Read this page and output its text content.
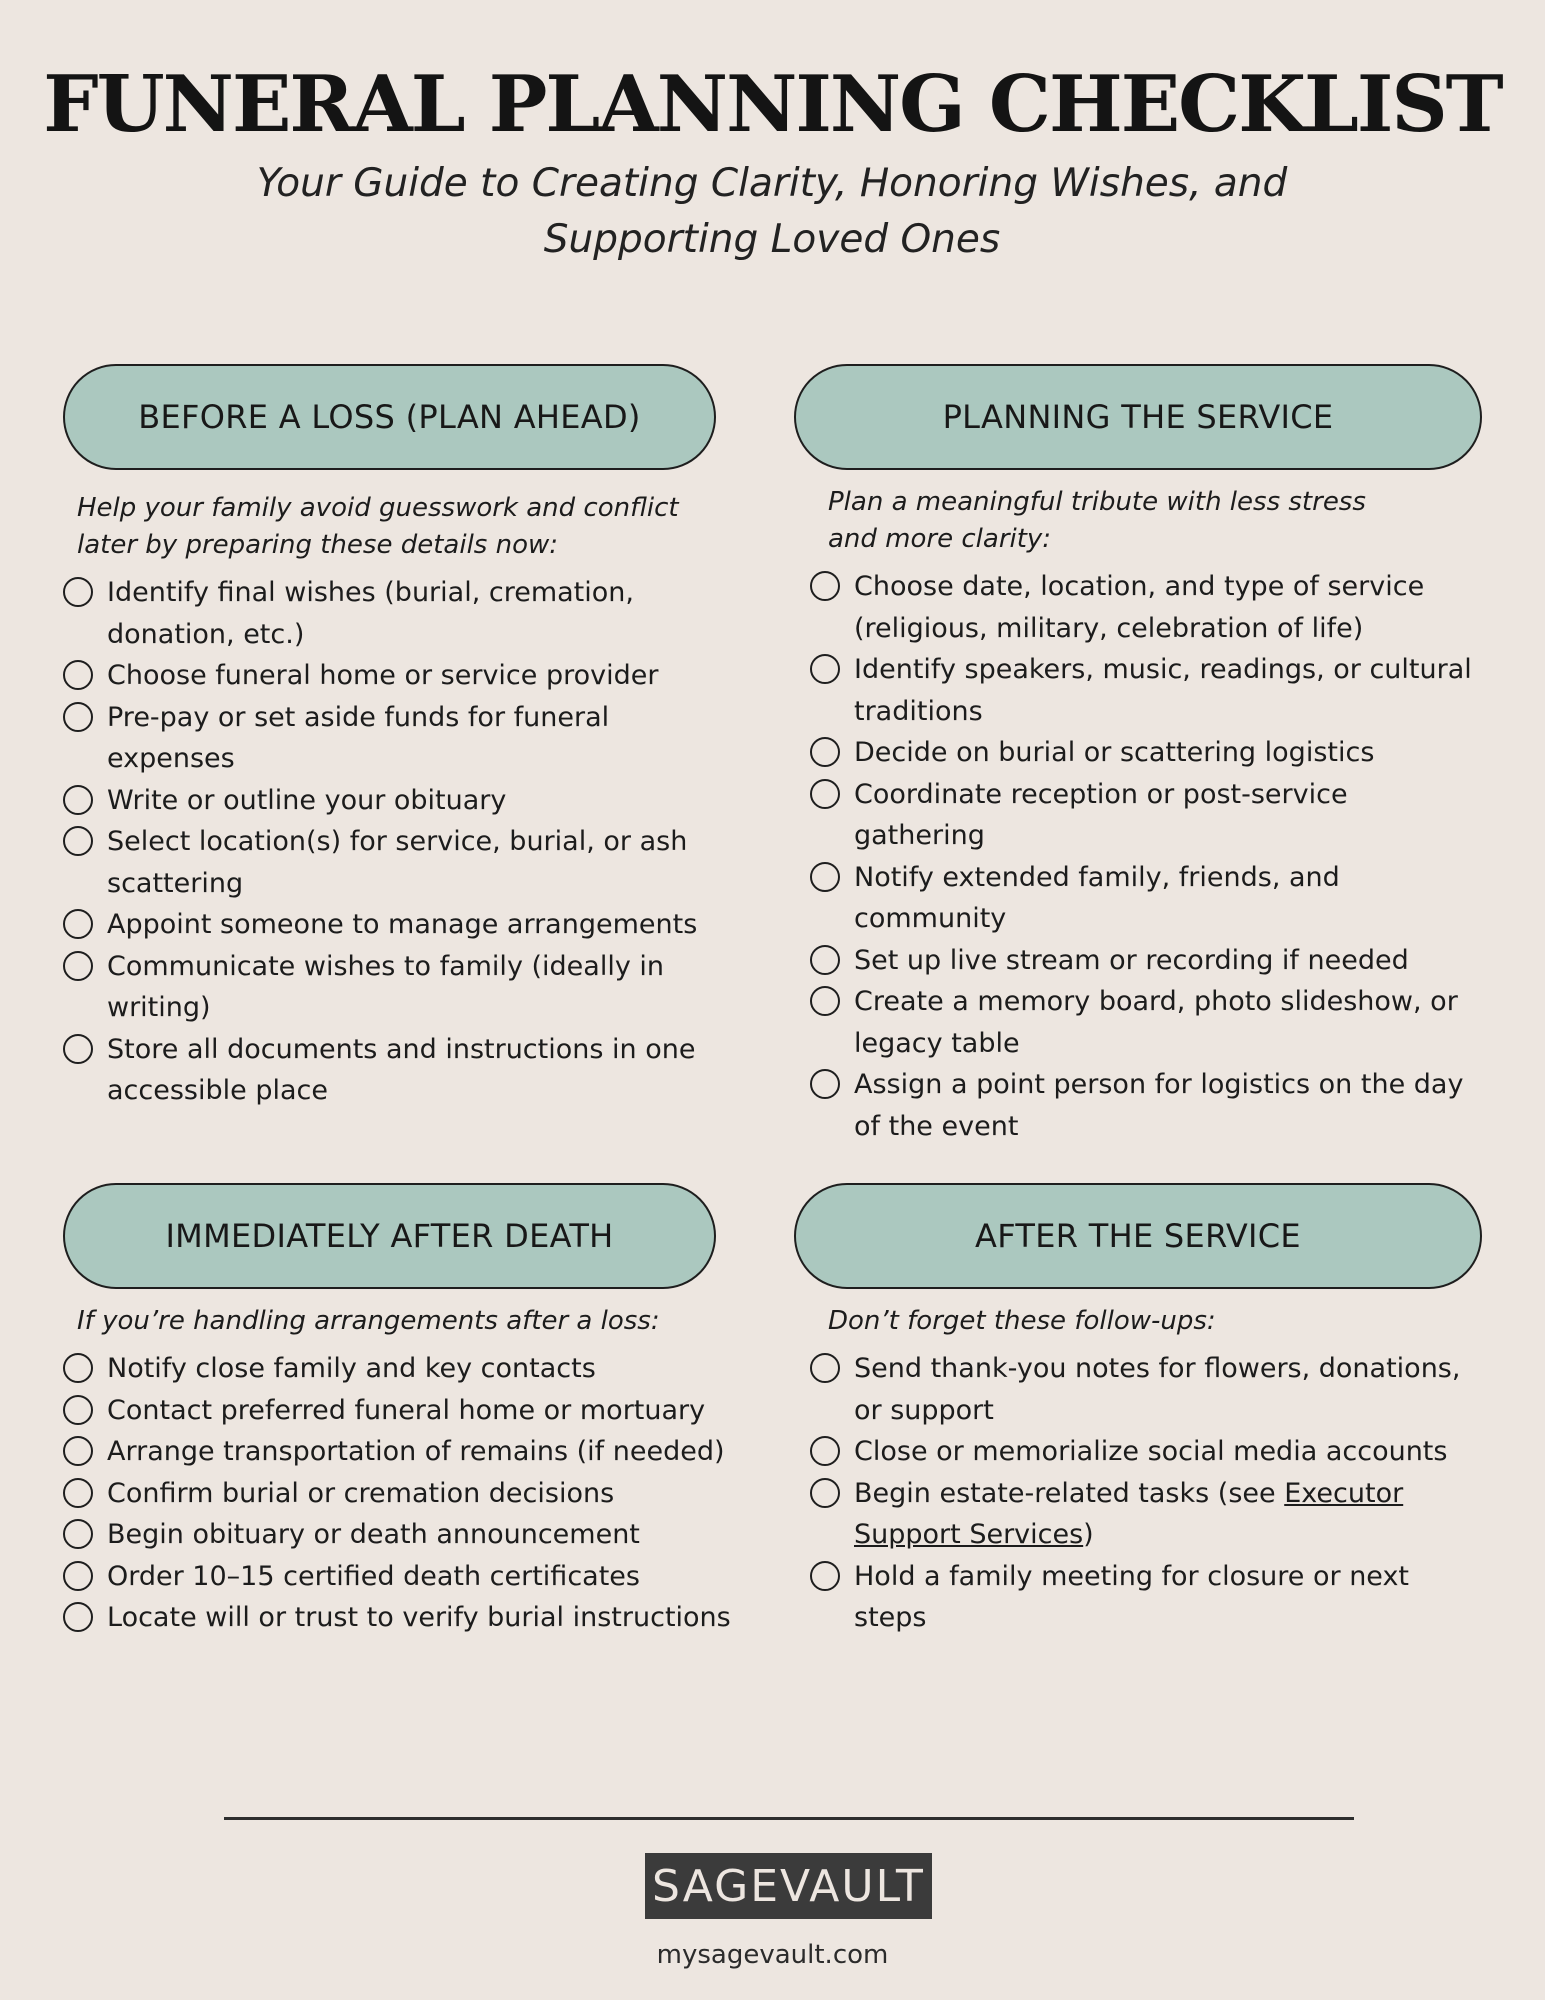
FUNERAL PLANNING CHECKLIST

Your Guide to Creating Clarity, Honoring Wishes, and Supporting Loved Ones

BEFORE A LOSS (PLAN AHEAD)

Help your family avoid guesswork and conflict later by preparing these details now:

Identify final wishes (burial, cremation, donation, etc.)
Choose funeral home or service provider
Pre-pay or set aside funds for funeral expenses
Write or outline your obituary
Select location(s) for service, burial, or ash scattering
Appoint someone to manage arrangements
Communicate wishes to family (ideally in writing)
Store all documents and instructions in one accessible place
PLANNING THE SERVICE

Plan a meaningful tribute with less stress and more clarity:

Choose date, location, and type of service (religious, military, celebration of life)
Identify speakers, music, readings, or cultural traditions
Decide on burial or scattering logistics
Coordinate reception or post-service gathering
Notify extended family, friends, and community
Set up live stream or recording if needed
Create a memory board, photo slideshow, or legacy table
Assign a point person for logistics on the day of the event
IMMEDIATELY AFTER DEATH

If you’re handling arrangements after a loss:

Notify close family and key contacts
Contact preferred funeral home or mortuary
Arrange transportation of remains (if needed)
Confirm burial or cremation decisions
Begin obituary or death announcement
Order 10–15 certified death certificates
Locate will or trust to verify burial instructions
AFTER THE SERVICE

Don’t forget these follow-ups:

Send thank-you notes for flowers, donations, or support
Close or memorialize social media accounts
Begin estate-related tasks (see Executor Support Services)
Hold a family meeting for closure or next steps
SAGEVAULT
mysagevault.com
